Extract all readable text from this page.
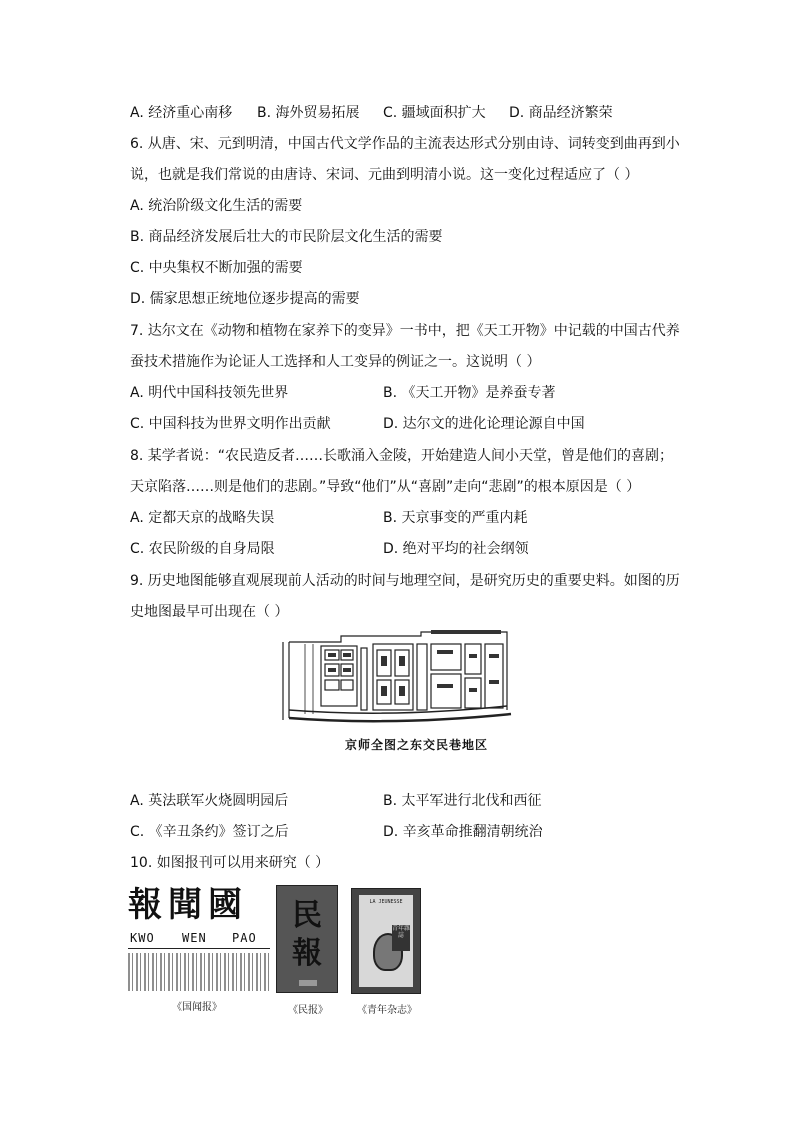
A. 经济重心南移 B. 海外贸易拓展 C. 疆域面积扩大 D. 商品经济繁荣
6. 从唐、宋、元到明清，中国古代文学作品的主流表达形式分别由诗、词转变到曲再到小
说，也就是我们常说的由唐诗、宋词、元曲到明清小说。这一变化过程适应了（ ）
A. 统治阶级文化生活的需要
B. 商品经济发展后壮大的市民阶层文化生活的需要
C. 中央集权不断加强的需要
D. 儒家思想正统地位逐步提高的需要
7. 达尔文在《动物和植物在家养下的变异》一书中，把《天工开物》中记载的中国古代养
蚕技术措施作为论证人工选择和人工变异的例证之一。这说明（ ）
A. 明代中国科技领先世界	B. 《天工开物》是养蚕专著
C. 中国科技为世界文明作出贡献	D. 达尔文的进化论理论源自中国
8. 某学者说：“农民造反者……长歌涌入金陵，开始建造人间小天堂，曾是他们的喜剧；
天京陷落……则是他们的悲剧。”导致“他们”从“喜剧”走向“悲剧”的根本原因是（ ）
A. 定都天京的战略失误	B. 天京事变的严重内耗
C. 农民阶级的自身局限	D. 绝对平均的社会纲领
9. 历史地图能够直观展现前人活动的时间与地理空间，是研究历史的重要史料。如图的历
史地图最早可出现在（ ）
京师全图之东交民巷地区
A. 英法联军火烧圆明园后	B. 太平军进行北伐和西征
C. 《辛丑条约》签订之后	D. 辛亥革命推翻清朝统治
10. 如图报刊可以用来研究（ ）
報聞國
KWO WEN PAO
《国闻报》
民
報
《民报》
LA JEUNESSE
青年雜誌
《青年杂志》
